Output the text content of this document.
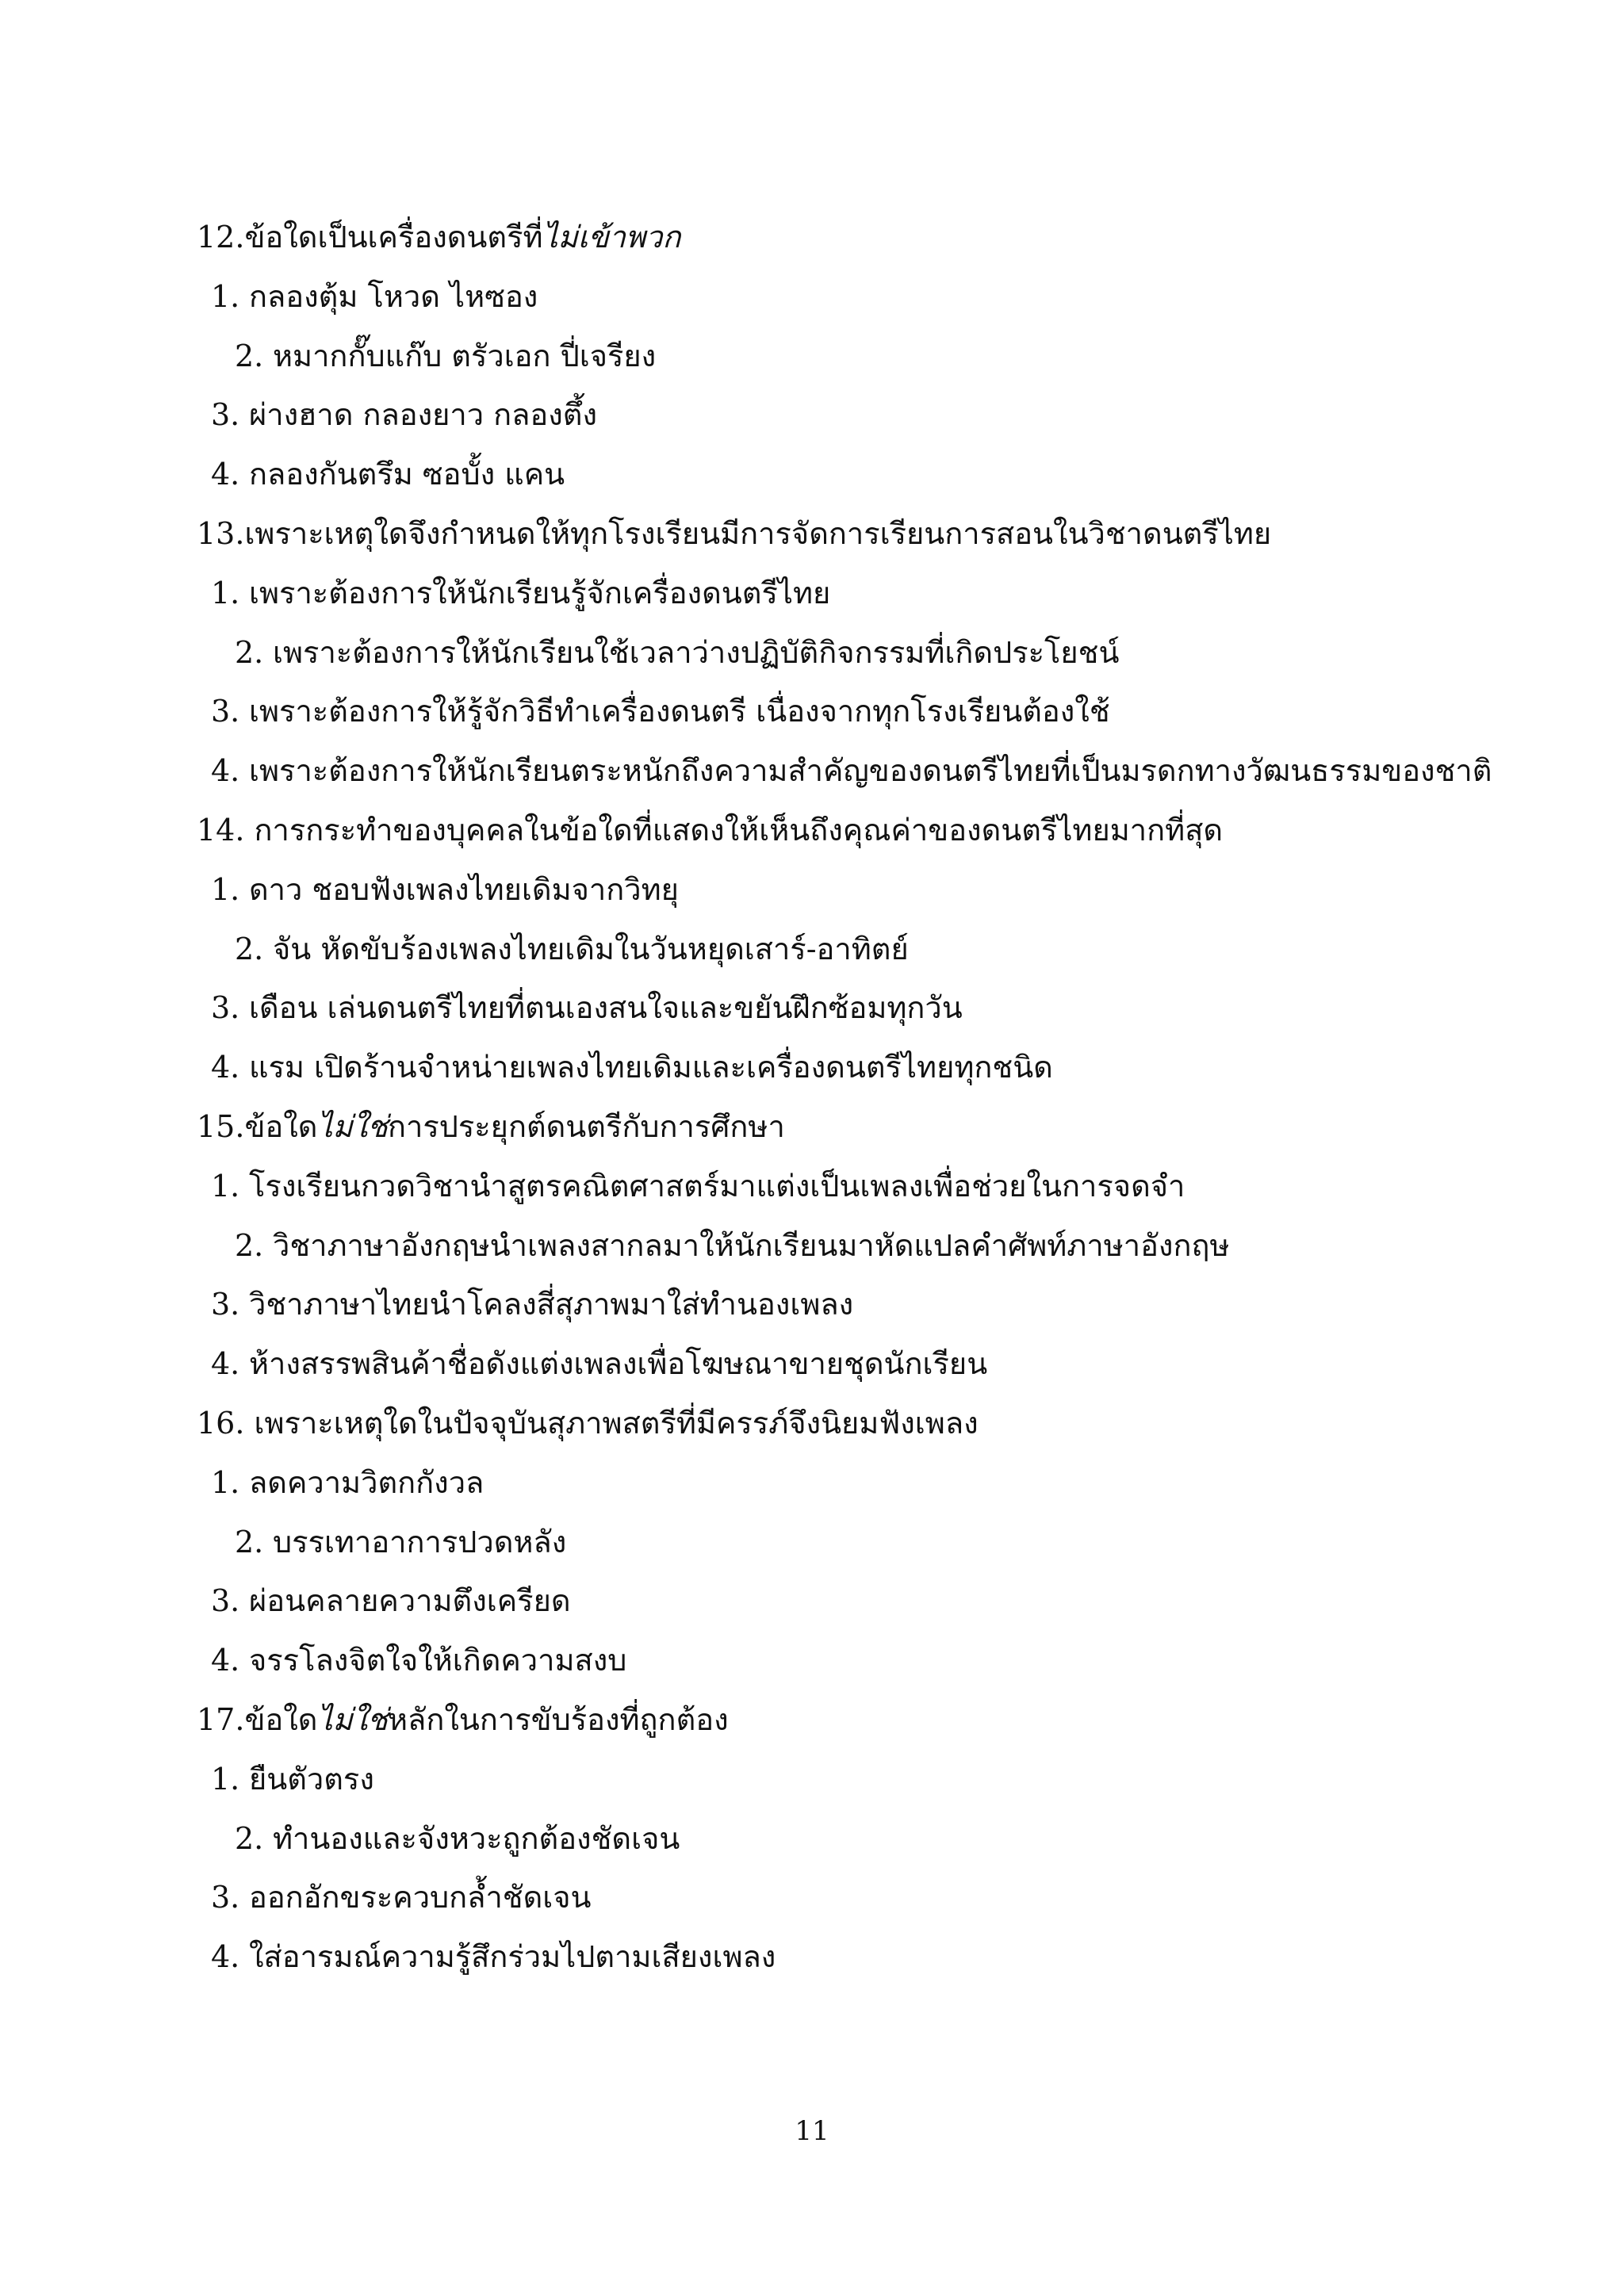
12.ข้อใดเป็นเครื่องดนตรีที่ไม่เข้าพวก
1. กลองตุ้ม โหวด ไหซอง
2. หมากกั๊บแก๊บ ตรัวเอก ปี่เจรียง
3. ผ่างฮาด กลองยาว กลองตึ้ง
4. กลองกันตรึม ซอบั้ง แคน
13.เพราะเหตุใดจึงกำหนดให้ทุกโรงเรียนมีการจัดการเรียนการสอนในวิชาดนตรีไทย
1. เพราะต้องการให้นักเรียนรู้จักเครื่องดนตรีไทย
2. เพราะต้องการให้นักเรียนใช้เวลาว่างปฏิบัติกิจกรรมที่เกิดประโยชน์
3. เพราะต้องการให้รู้จักวิธีทำเครื่องดนตรี เนื่องจากทุกโรงเรียนต้องใช้
4. เพราะต้องการให้นักเรียนตระหนักถึงความสำคัญของดนตรีไทยที่เป็นมรดกทางวัฒนธรรมของชาติ
14. การกระทำของบุคคลในข้อใดที่แสดงให้เห็นถึงคุณค่าของดนตรีไทยมากที่สุด
1. ดาว ชอบฟังเพลงไทยเดิมจากวิทยุ
2. จัน หัดขับร้องเพลงไทยเดิมในวันหยุดเสาร์-อาทิตย์
3. เดือน เล่นดนตรีไทยที่ตนเองสนใจและขยันฝึกซ้อมทุกวัน
4. แรม เปิดร้านจำหน่ายเพลงไทยเดิมและเครื่องดนตรีไทยทุกชนิด
15.ข้อใดไม่ใช่การประยุกต์ดนตรีกับการศึกษา
1. โรงเรียนกวดวิชานำสูตรคณิตศาสตร์มาแต่งเป็นเพลงเพื่อช่วยในการจดจำ
2. วิชาภาษาอังกฤษนำเพลงสากลมาให้นักเรียนมาหัดแปลคำศัพท์ภาษาอังกฤษ
3. วิชาภาษาไทยนำโคลงสี่สุภาพมาใส่ทำนองเพลง
4. ห้างสรรพสินค้าชื่อดังแต่งเพลงเพื่อโฆษณาขายชุดนักเรียน
16. เพราะเหตุใดในปัจจุบันสุภาพสตรีที่มีครรภ์จึงนิยมฟังเพลง
1. ลดความวิตกกังวล
2. บรรเทาอาการปวดหลัง
3. ผ่อนคลายความตึงเครียด
4. จรรโลงจิตใจให้เกิดความสงบ
17.ข้อใดไม่ใช่หลักในการขับร้องที่ถูกต้อง
1. ยืนตัวตรง
2. ทำนองและจังหวะถูกต้องชัดเจน
3. ออกอักขระควบกล้ำชัดเจน
4. ใส่อารมณ์ความรู้สึกร่วมไปตามเสียงเพลง
11
